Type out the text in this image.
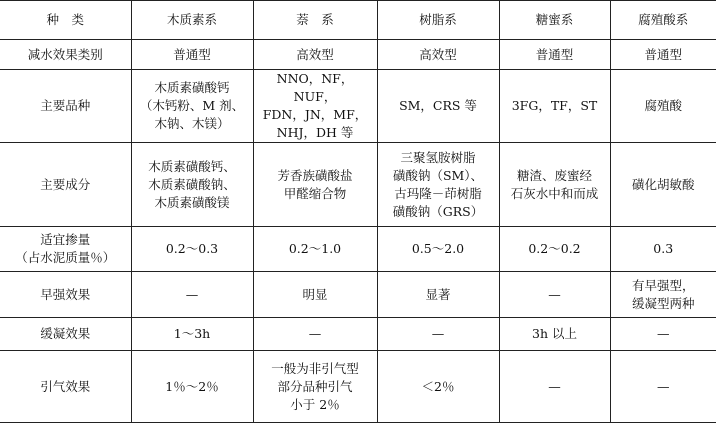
种　类	木质素系	萘　系	树脂系	糖蜜系	腐殖酸系
减水效果类别	普通型	高效型	高效型	普通型	普通型
主要品种	木质素磺酸钙
（木钙粉、M 剂、
木钠、木镁）	NNO，NF，NUF，
FDN，JN，MF，
NHJ，DH 等	SM，CRS 等	3FG，TF，ST	腐殖酸
主要成分	木质素磺酸钙、
木质素磺酸钠、
木质素磺酸镁	芳香族磺酸盐
甲醛缩合物	三聚氢胺树脂
磺酸钠（SM）、
古玛隆－茚树脂
磺酸钠（GRS）	糖渣、废蜜经
石灰水中和而成	磺化胡敏酸
适宜掺量
（占水泥质量％）	0.2～0.3	0.2～1.0	0.5～2.0	0.2～0.2	0.3
早强效果	—	明显	显著	—	有早强型，
缓凝型两种
缓凝效果	1～3h	—	—	3h 以上	—
引气效果	1％～2％	一般为非引气型
部分品种引气
小于 2％	＜2％	—	—
